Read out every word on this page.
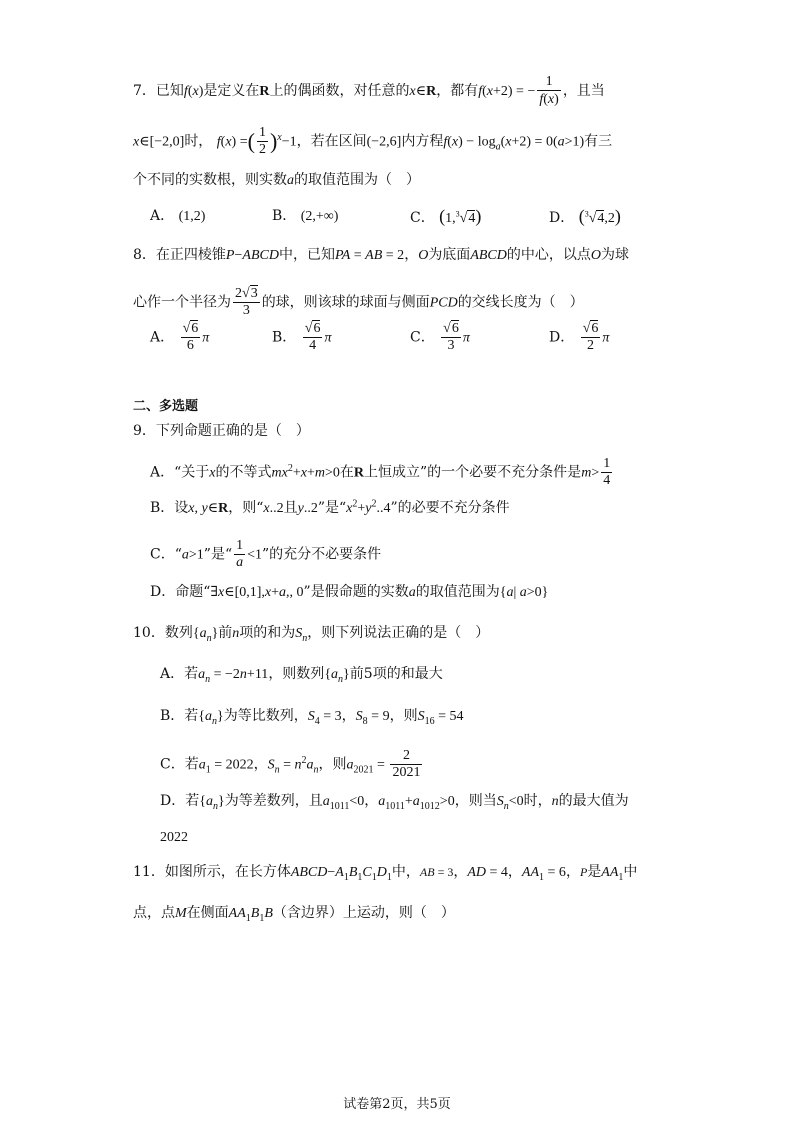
7．已知f(x)是定义在R上的偶函数，对任意的x∈R，都有f(x+2) = − $\frac{1}{f(x)}$ ，且当
x∈[−2,0]时， f(x) =( $\frac{1}{2} )^x-1$，若在区间(−2,6]内方程$f(x) - \log_a(x+2) = 0(a>1)$有三
个不同的实数根，则实数a的取值范围为（　）
A． (1,2)	B． (2,+∞)	C． (1,$^3$√4)	D． ($^3$√4,2)
8．在正四棱锥P−ABCD中，已知PA = AB = 2，O为底面ABCD的中心，以点O为球
心作一个半径为 $\frac{2√3}{3}$ 的球，则该球的球面与侧面PCD的交线长度为（　）
A． $\frac{√6}{6}$ π	B． $\frac{√6}{4}$ π	C． $\frac{√6}{3}$ π	D． $\frac{√6}{2}$ π
二、多选题
9．下列命题正确的是（　）
A．“关于x的不等式$mx^2+x+m>0$在R上恒成立”的一个必要不充分条件是$m> \frac{1}{4}$
B．设x, y∈R，则“x..2且y..2”是“$x^2+y^2..4$”的必要不充分条件
C．“a>1”是“ $\frac{1}{a} <1$”的充分不必要条件
D．命题“∃x∈[0,1],x+a,, 0”是假命题的实数a的取值范围为{a| a>0}
10．数列$\{a_n\}$前n项的和为$S_n$，则下列说法正确的是（　）
A．若$a_n = -2n+11$，则数列$\{a_n\}$前5项的和最大
B．若$\{a_n\}$为等比数列，$S_4 = 3$，$S_8 = 9$，则$S_{16} = 54$
C．若$a_1 = 2022$，$S_n = n^2a_n$，则$a_{2021} = \frac{2}{2021}$
D．若$\{a_n\}$为等差数列，且$a_{1011}<0$，$a_{1011}+a_{1012}>0$，则当$S_n<0$时，n的最大值为
2022
11．如图所示，在长方体$ABCD-A_1B_1C_1D_1$中，AB = 3，AD = 4，$AA_1 = 6$，P是$AA_1$中
点，点M在侧面$AA_1B_1B$（含边界）上运动，则（　）
试卷第2页，共5页
